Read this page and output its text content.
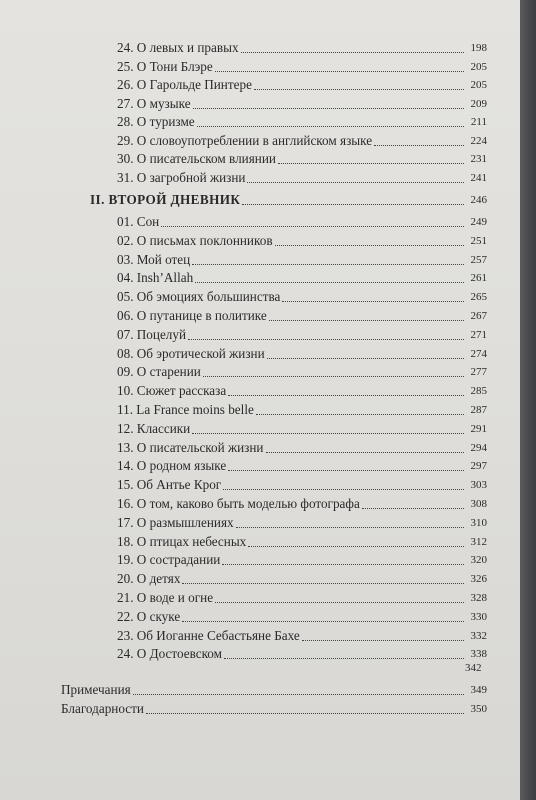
24. О левых и правых	198
25. О Тони Блэре	205
26. О Гарольде Пинтере	205
27. О музыке	209
28. О туризме	211
29. О словоупотреблении в английском языке	224
30. О писательском влиянии	231
31. О загробной жизни	241
II. ВТОРОЙ ДНЕВНИК	246
01. Сон	249
02. О письмах поклонников	251
03. Мой отец	257
04. Insh’Allah	261
05. Об эмоциях большинства	265
06. О путанице в политике	267
07. Поцелуй	271
08. Об эротической жизни	274
09. О старении	277
10. Сюжет рассказа	285
11. La France moins belle	287
12. Классики	291
13. О писательской жизни	294
14. О родном языке	297
15. Об Антье Крог	303
16. О том, каково быть моделью фотографа	308
17. О размышлениях	310
18. О птицах небесных	312
19. О сострадании	320
20. О детях	326
21. О воде и огне	328
22. О скуке	330
23. Об Иоганне Себастьяне Бахе	332
24. О Достоевском	338
342
Примечания	349
Благодарности	350
